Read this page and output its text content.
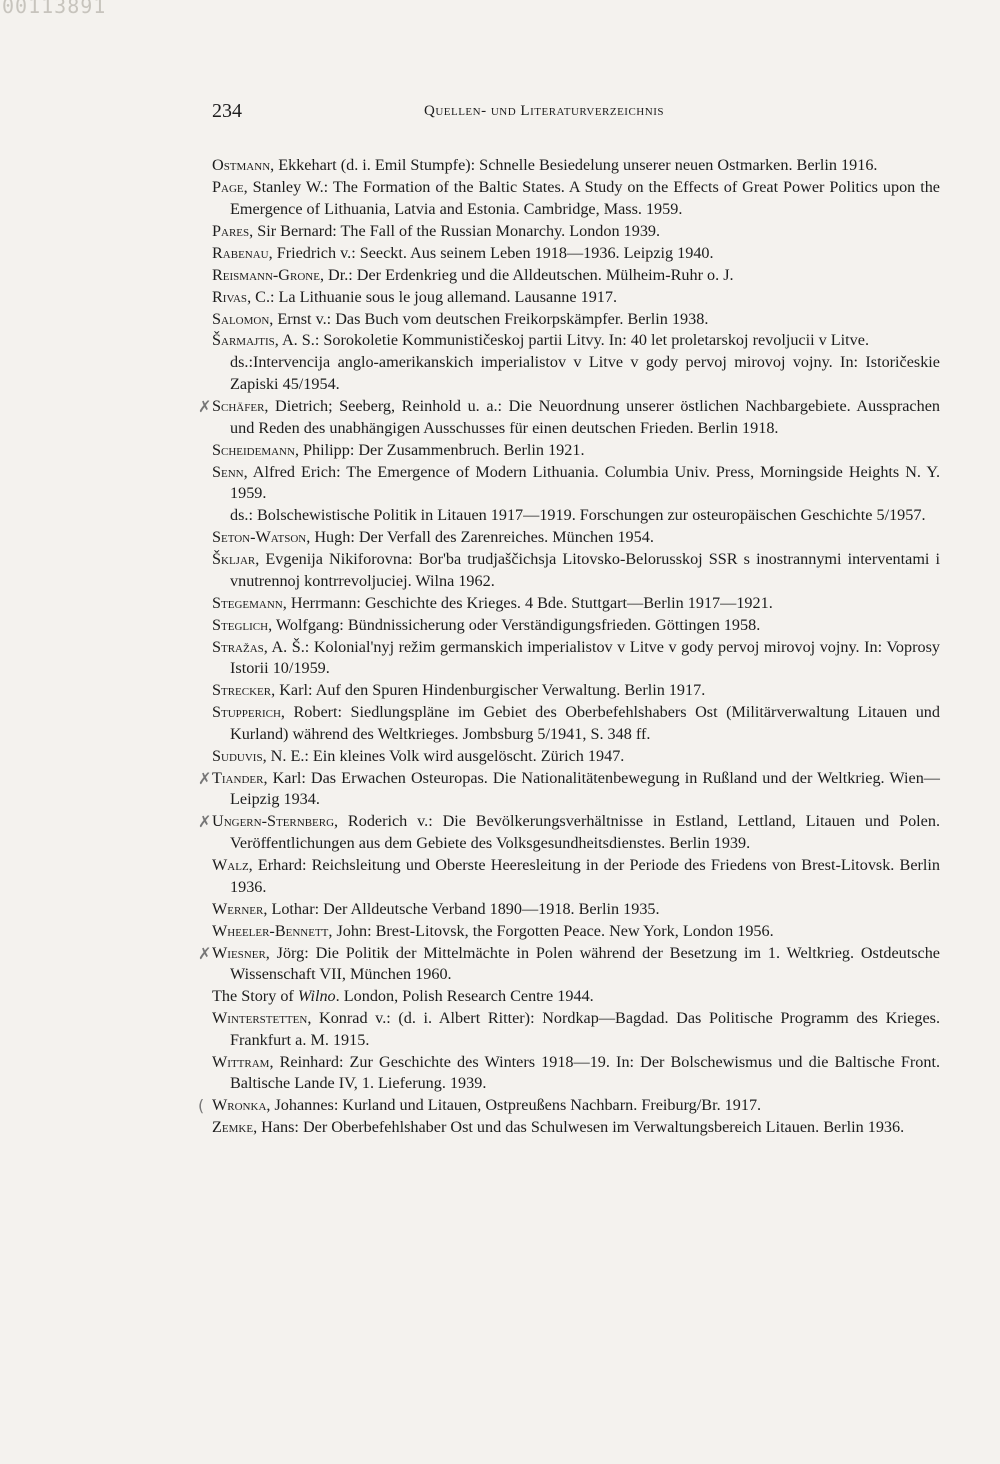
00113891
234	Quellen- und Literaturverzeichnis

Ostmann, Ekkehart (d. i. Emil Stumpfe): Schnelle Besiedelung unserer neuen Ostmarken. Berlin 1916.

Page, Stanley W.: The Formation of the Baltic States. A Study on the Effects of Great Power Politics upon the Emergence of Lithuania, Latvia and Estonia. Cambridge, Mass. 1959.

Pares, Sir Bernard: The Fall of the Russian Monarchy. London 1939.

Rabenau, Friedrich v.: Seeckt. Aus seinem Leben 1918—1936. Leipzig 1940.

Reismann-Grone, Dr.: Der Erdenkrieg und die Alldeutschen. Mülheim-Ruhr o. J.

Rivas, C.: La Lithuanie sous le joug allemand. Lausanne 1917.

Salomon, Ernst v.: Das Buch vom deutschen Freikorpskämpfer. Berlin 1938.

Šarmajtis, A. S.: Sorokoletie Kommunističeskoj partii Litvy. In: 40 let proletarskoj revoljucii v Litve.

ds.:Intervencija anglo-amerikanskich imperialistov v Litve v gody pervoj mirovoj vojny. In: Istoričeskie Zapiski 45/1954.

✗ Schäfer, Dietrich; Seeberg, Reinhold u. a.: Die Neuordnung unserer östlichen Nachbargebiete. Aussprachen und Reden des unabhängigen Ausschusses für einen deutschen Frieden. Berlin 1918.

Scheidemann, Philipp: Der Zusammenbruch. Berlin 1921.

Senn, Alfred Erich: The Emergence of Modern Lithuania. Columbia Univ. Press, Morningside Heights N. Y. 1959.

ds.: Bolschewistische Politik in Litauen 1917—1919. Forschungen zur osteuropäischen Geschichte 5/1957.

Seton-Watson, Hugh: Der Verfall des Zarenreiches. München 1954.

Škljar, Evgenija Nikiforovna: Bor'ba trudjaščichsja Litovsko-Belorusskoj SSR s inostrannymi interventami i vnutrennoj kontrrevoljuciej. Wilna 1962.

Stegemann, Herrmann: Geschichte des Krieges. 4 Bde. Stuttgart—Berlin 1917—1921.

Steglich, Wolfgang: Bündnissicherung oder Verständigungsfrieden. Göttingen 1958.

Stražas, A. Š.: Kolonial'nyj režim germanskich imperialistov v Litve v gody pervoj mirovoj vojny. In: Voprosy Istorii 10/1959.

Strecker, Karl: Auf den Spuren Hindenburgischer Verwaltung. Berlin 1917.

Stupperich, Robert: Siedlungspläne im Gebiet des Oberbefehlshabers Ost (Militärverwaltung Litauen und Kurland) während des Weltkrieges. Jombsburg 5/1941, S. 348 ff.

Suduvis, N. E.: Ein kleines Volk wird ausgelöscht. Zürich 1947.

✗ Tiander, Karl: Das Erwachen Osteuropas. Die Nationalitätenbewegung in Rußland und der Weltkrieg. Wien—Leipzig 1934.

✗ Ungern-Sternberg, Roderich v.: Die Bevölkerungsverhältnisse in Estland, Lettland, Litauen und Polen. Veröffentlichungen aus dem Gebiete des Volksgesundheitsdienstes. Berlin 1939.

Walz, Erhard: Reichsleitung und Oberste Heeresleitung in der Periode des Friedens von Brest-Litovsk. Berlin 1936.

Werner, Lothar: Der Alldeutsche Verband 1890—1918. Berlin 1935.

Wheeler-Bennett, John: Brest-Litovsk, the Forgotten Peace. New York, London 1956.

✗ Wiesner, Jörg: Die Politik der Mittelmächte in Polen während der Besetzung im 1. Weltkrieg. Ostdeutsche Wissenschaft VII, München 1960.

The Story of Wilno. London, Polish Research Centre 1944.

Winterstetten, Konrad v.: (d. i. Albert Ritter): Nordkap—Bagdad. Das Politische Programm des Krieges. Frankfurt a. M. 1915.

Wittram, Reinhard: Zur Geschichte des Winters 1918—19. In: Der Bolschewismus und die Baltische Front. Baltische Lande IV, 1. Lieferung. 1939.

( Wronka, Johannes: Kurland und Litauen, Ostpreußens Nachbarn. Freiburg/Br. 1917.

Zemke, Hans: Der Oberbefehlshaber Ost und das Schulwesen im Verwaltungsbereich Litauen. Berlin 1936.
